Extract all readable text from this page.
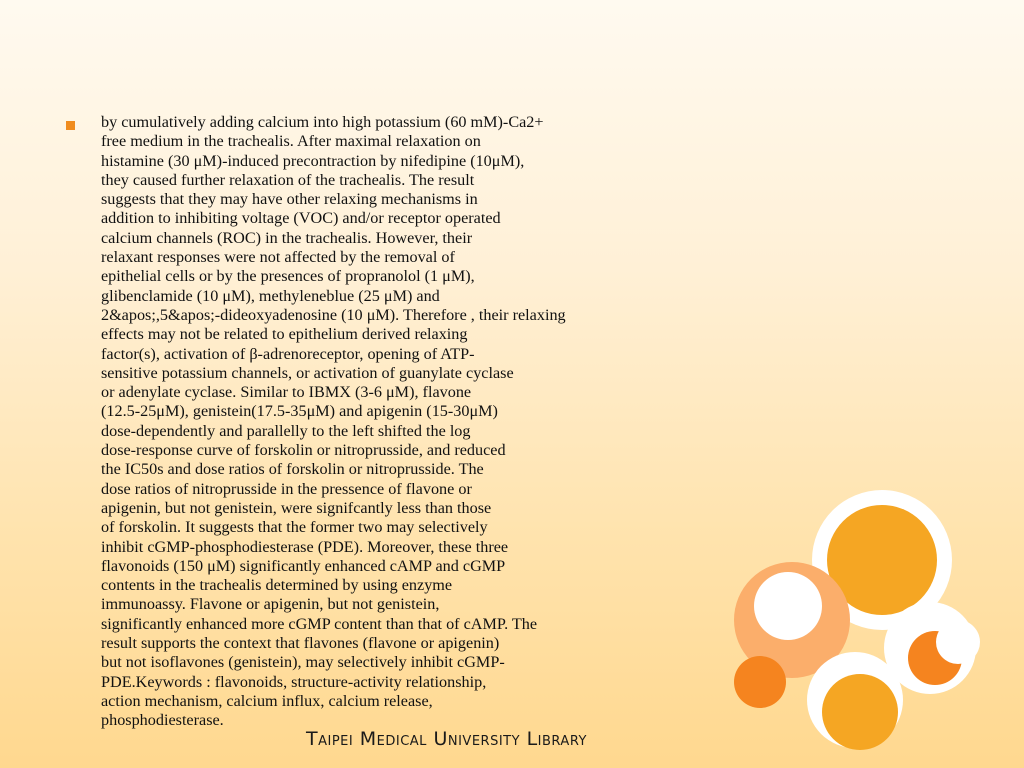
by cumulatively adding calcium into high potassium (60 mM)-Ca2+
free medium in the trachealis. After maximal relaxation on
histamine (30 μM)-induced precontraction by nifedipine (10μM),
they caused further relaxation of the trachealis. The result
suggests that they may have other relaxing mechanisms in
addition to inhibiting voltage (VOC) and/or receptor operated
calcium channels (ROC) in the trachealis. However, their
relaxant responses were not affected by the removal of
epithelial cells or by the presences of propranolol (1 μM),
glibenclamide (10 μM), methyleneblue (25 μM) and
2&apos;,5&apos;-dideoxyadenosine (10 μM). Therefore , their relaxing
effects may not be related to epithelium derived relaxing
factor(s), activation of β-adrenoreceptor, opening of ATP-
sensitive potassium channels, or activation of guanylate cyclase
or adenylate cyclase. Similar to IBMX (3-6 μM), flavone
(12.5-25μM), genistein(17.5-35μM) and apigenin (15-30μM)
dose-dependently and parallelly to the left shifted the log
dose-response curve of forskolin or nitroprusside, and reduced
the IC50s and dose ratios of forskolin or nitroprusside. The
dose ratios of nitroprusside in the pressence of flavone or
apigenin, but not genistein, were signifcantly less than those
of forskolin. It suggests that the former two may selectively
inhibit cGMP-phosphodiesterase (PDE). Moreover, these three
flavonoids (150 μM) significantly enhanced cAMP and cGMP
contents in the trachealis determined by using enzyme
immunoassy. Flavone or apigenin, but not genistein,
significantly enhanced more cGMP content than that of cAMP. The
result supports the context that flavones (flavone or apigenin)
but not isoflavones (genistein), may selectively inhibit cGMP-
PDE.Keywords : flavonoids, structure-activity relationship,
action mechanism, calcium influx, calcium release,
phosphodiesterase.

Taipei Medical University Library
